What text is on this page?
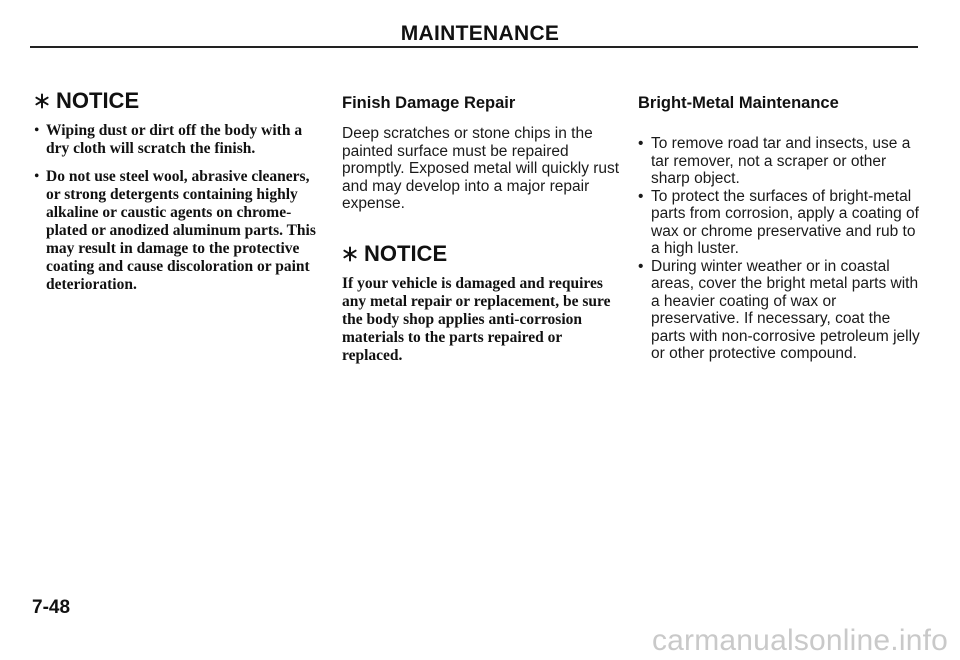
MAINTENANCE
NOTICE
• Wiping dust or dirt off the body with a dry cloth will scratch the finish.
• Do not use steel wool, abrasive cleaners, or strong detergents containing highly alkaline or caustic agents on chrome-plated or anodized aluminum parts. This may result in damage to the protective coating and cause discoloration or paint deterioration.
Finish Damage Repair

Deep scratches or stone chips in the painted surface must be repaired promptly. Exposed metal will quickly rust and may develop into a major repair expense.

NOTICE

If your vehicle is damaged and requires any metal repair or replacement, be sure the body shop applies anti-corrosion materials to the parts repaired or replaced.

Bright-Metal Maintenance
• To remove road tar and insects, use a tar remover, not a scraper or other sharp object.
• To protect the surfaces of bright-metal parts from corrosion, apply a coating of wax or chrome preservative and rub to a high luster.
• During winter weather or in coastal areas, cover the bright metal parts with a heavier coating of wax or preservative. If necessary, coat the parts with non-corrosive petroleum jelly or other protective compound.
7-48
carmanualsonline.info
